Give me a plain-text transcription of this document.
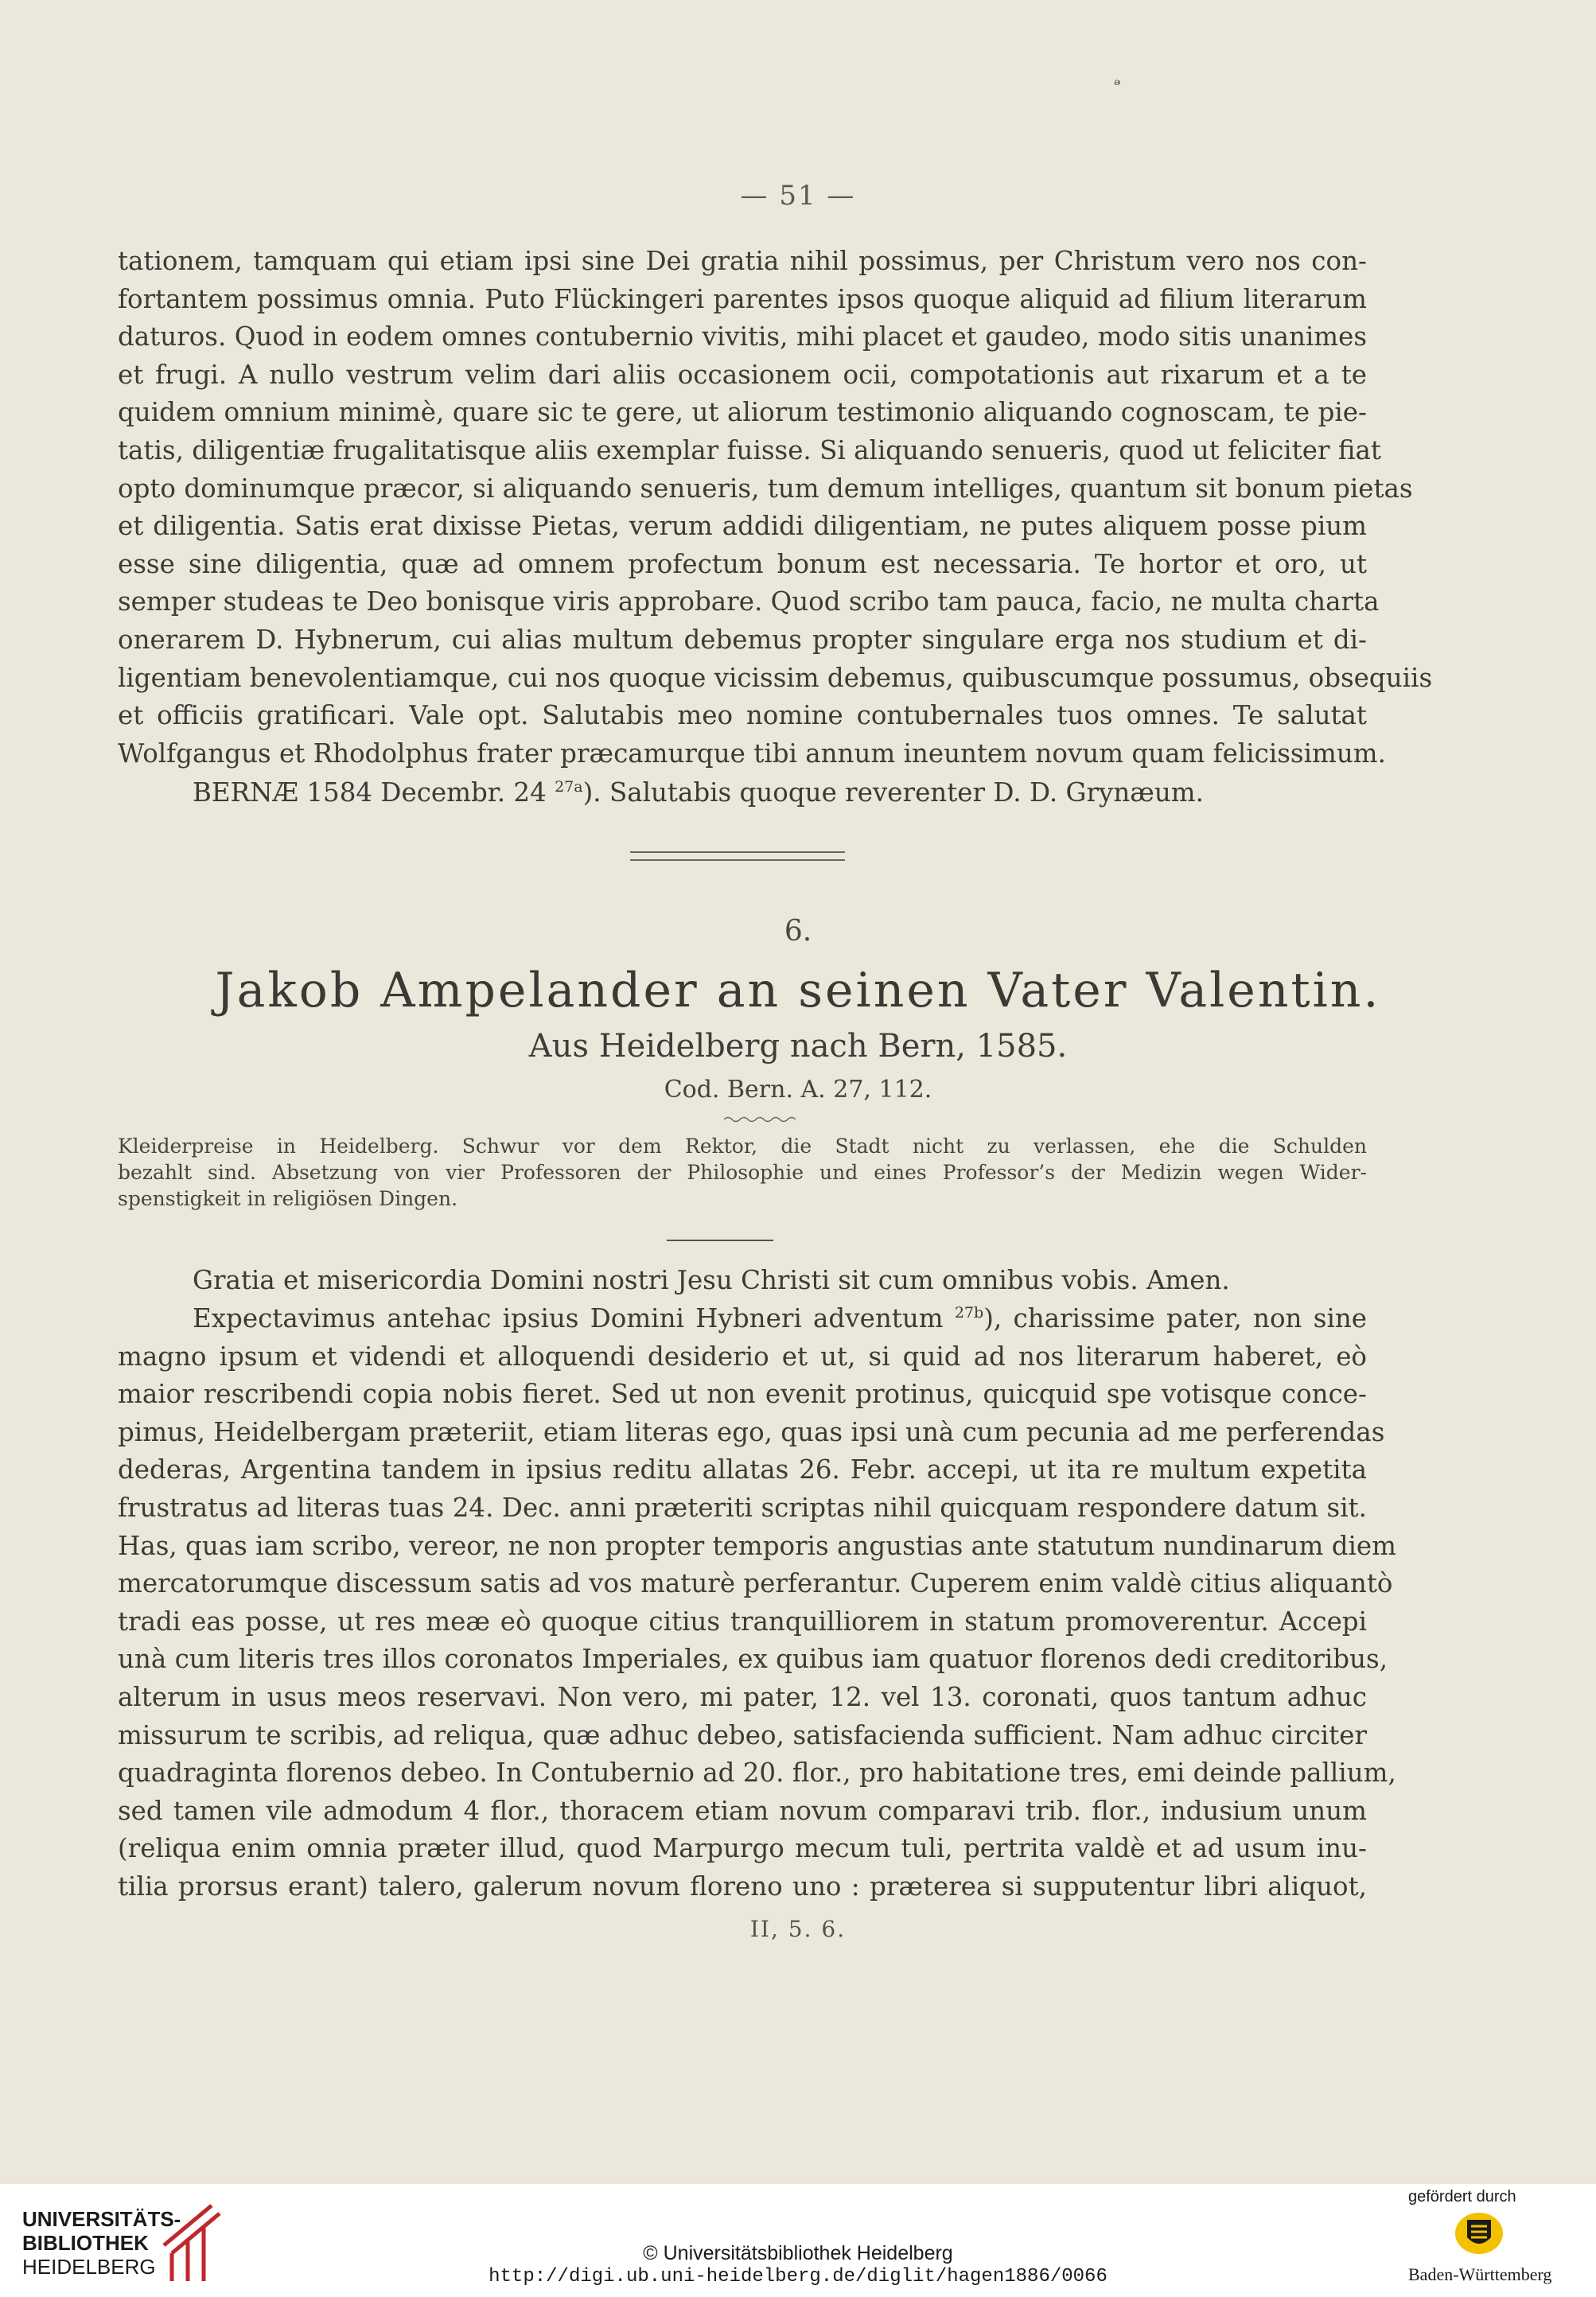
ₔ
— 51 —
tationem, tamquam qui etiam ipsi sine Dei gratia nihil possimus, per Christum vero nos con-
fortantem possimus omnia. Puto Flückingeri parentes ipsos quoque aliquid ad filium literarum
daturos. Quod in eodem omnes contubernio vivitis, mihi placet et gaudeo, modo sitis unanimes
et frugi. A nullo vestrum velim dari aliis occasionem ocii, compotationis aut rixarum et a te
quidem omnium minimè, quare sic te gere, ut aliorum testimonio aliquando cognoscam, te pie-
tatis, diligentiæ frugalitatisque aliis exemplar fuisse. Si aliquando senueris, quod ut feliciter fiat
opto dominumque præcor, si aliquando senueris, tum demum intelliges, quantum sit bonum pietas
et diligentia. Satis erat dixisse Pietas, verum addidi diligentiam, ne putes aliquem posse pium
esse sine diligentia, quæ ad omnem profectum bonum est necessaria. Te hortor et oro, ut
semper studeas te Deo bonisque viris approbare. Quod scribo tam pauca, facio, ne multa charta
onerarem D. Hybnerum, cui alias multum debemus propter singulare erga nos studium et di-
ligentiam benevolentiamque, cui nos quoque vicissim debemus, quibuscumque possumus, obsequiis
et officiis gratificari. Vale opt. Salutabis meo nomine contubernales tuos omnes. Te salutat
Wolfgangus et Rhodolphus frater præcamurque tibi annum ineuntem novum quam felicissimum.
BERNÆ 1584 Decembr. 24 $^{27a}$). Salutabis quoque reverenter D. D. Grynæum.
6.
Jakob Ampelander an seinen Vater Valentin.
Aus Heidelberg nach Bern, 1585.
Cod. Bern. A. 27, 112.
Kleiderpreise in Heidelberg. Schwur vor dem Rektor, die Stadt nicht zu verlassen, ehe die Schulden
bezahlt sind. Absetzung von vier Professoren der Philosophie und eines Professor’s der Medizin wegen Wider-
spenstigkeit in religiösen Dingen.
Gratia et misericordia Domini nostri Jesu Christi sit cum omnibus vobis. Amen.
Expectavimus antehac ipsius Domini Hybneri adventum $^{27b}$), charissime pater, non sine
magno ipsum et videndi et alloquendi desiderio et ut, si quid ad nos literarum haberet, eò
maior rescribendi copia nobis fieret. Sed ut non evenit protinus, quicquid spe votisque conce-
pimus, Heidelbergam præteriit, etiam literas ego, quas ipsi unà cum pecunia ad me perferendas
dederas, Argentina tandem in ipsius reditu allatas 26. Febr. accepi, ut ita re multum expetita
frustratus ad literas tuas 24. Dec. anni præteriti scriptas nihil quicquam respondere datum sit.
Has, quas iam scribo, vereor, ne non propter temporis angustias ante statutum nundinarum diem
mercatorumque discessum satis ad vos maturè perferantur. Cuperem enim valdè citius aliquantò
tradi eas posse, ut res meæ eò quoque citius tranquilliorem in statum promoverentur. Accepi
unà cum literis tres illos coronatos Imperiales, ex quibus iam quatuor florenos dedi creditoribus,
alterum in usus meos reservavi. Non vero, mi pater, 12. vel 13. coronati, quos tantum adhuc
missurum te scribis, ad reliqua, quæ adhuc debeo, satisfacienda sufficient. Nam adhuc circiter
quadraginta florenos debeo. In Contubernio ad 20. flor., pro habitatione tres, emi deinde pallium,
sed tamen vile admodum 4 flor., thoracem etiam novum comparavi trib. flor., indusium unum
(reliqua enim omnia præter illud, quod Marpurgo mecum tuli, pertrita valdè et ad usum inu-
tilia prorsus erant) talero, galerum novum floreno uno : præterea si supputentur libri aliquot,
II, 5. 6.
UNIVERSITÄTS-
BIBLIOTHEK
HEIDELBERG
© Universitätsbibliothek Heidelberg
http://digi.ub.uni-heidelberg.de/diglit/hagen1886/0066
gefördert durch
Baden-Württemberg
